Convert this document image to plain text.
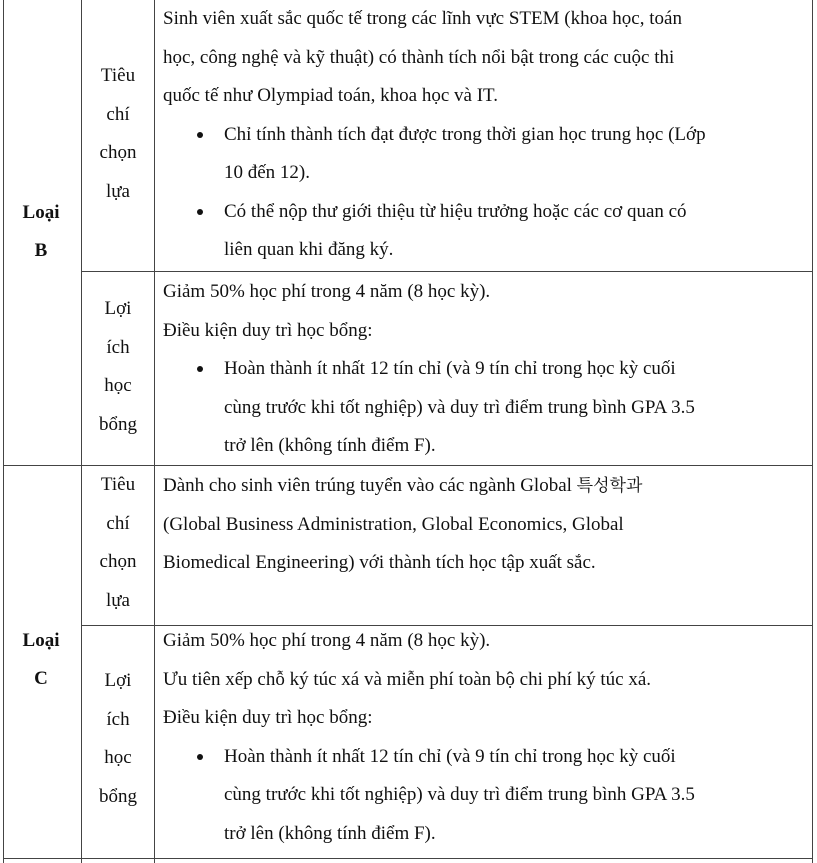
Loại
B
Tiêu
chí
chọn
lựa

Sinh viên xuất sắc quốc tế trong các lĩnh vực STEM (khoa học, toán

học, công nghệ và kỹ thuật) có thành tích nổi bật trong các cuộc thi

quốc tế như Olympiad toán, khoa học và IT.

Chỉ tính thành tích đạt được trong thời gian học trung học (Lớp
10 đến 12).
Có thể nộp thư giới thiệu từ hiệu trưởng hoặc các cơ quan có
liên quan khi đăng ký.
Lợi
ích
học
bổng

Giảm 50% học phí trong 4 năm (8 học kỳ).

Điều kiện duy trì học bổng:

Hoàn thành ít nhất 12 tín chỉ (và 9 tín chỉ trong học kỳ cuối
cùng trước khi tốt nghiệp) và duy trì điểm trung bình GPA 3.5
trở lên (không tính điểm F).
Loại
C
Tiêu
chí
chọn
lựa

Dành cho sinh viên trúng tuyển vào các ngành Global 특성학과

(Global Business Administration, Global Economics, Global

Biomedical Engineering) với thành tích học tập xuất sắc.

Lợi
ích
học
bổng

Giảm 50% học phí trong 4 năm (8 học kỳ).

Ưu tiên xếp chỗ ký túc xá và miễn phí toàn bộ chi phí ký túc xá.

Điều kiện duy trì học bổng:

Hoàn thành ít nhất 12 tín chỉ (và 9 tín chỉ trong học kỳ cuối
cùng trước khi tốt nghiệp) và duy trì điểm trung bình GPA 3.5
trở lên (không tính điểm F).
